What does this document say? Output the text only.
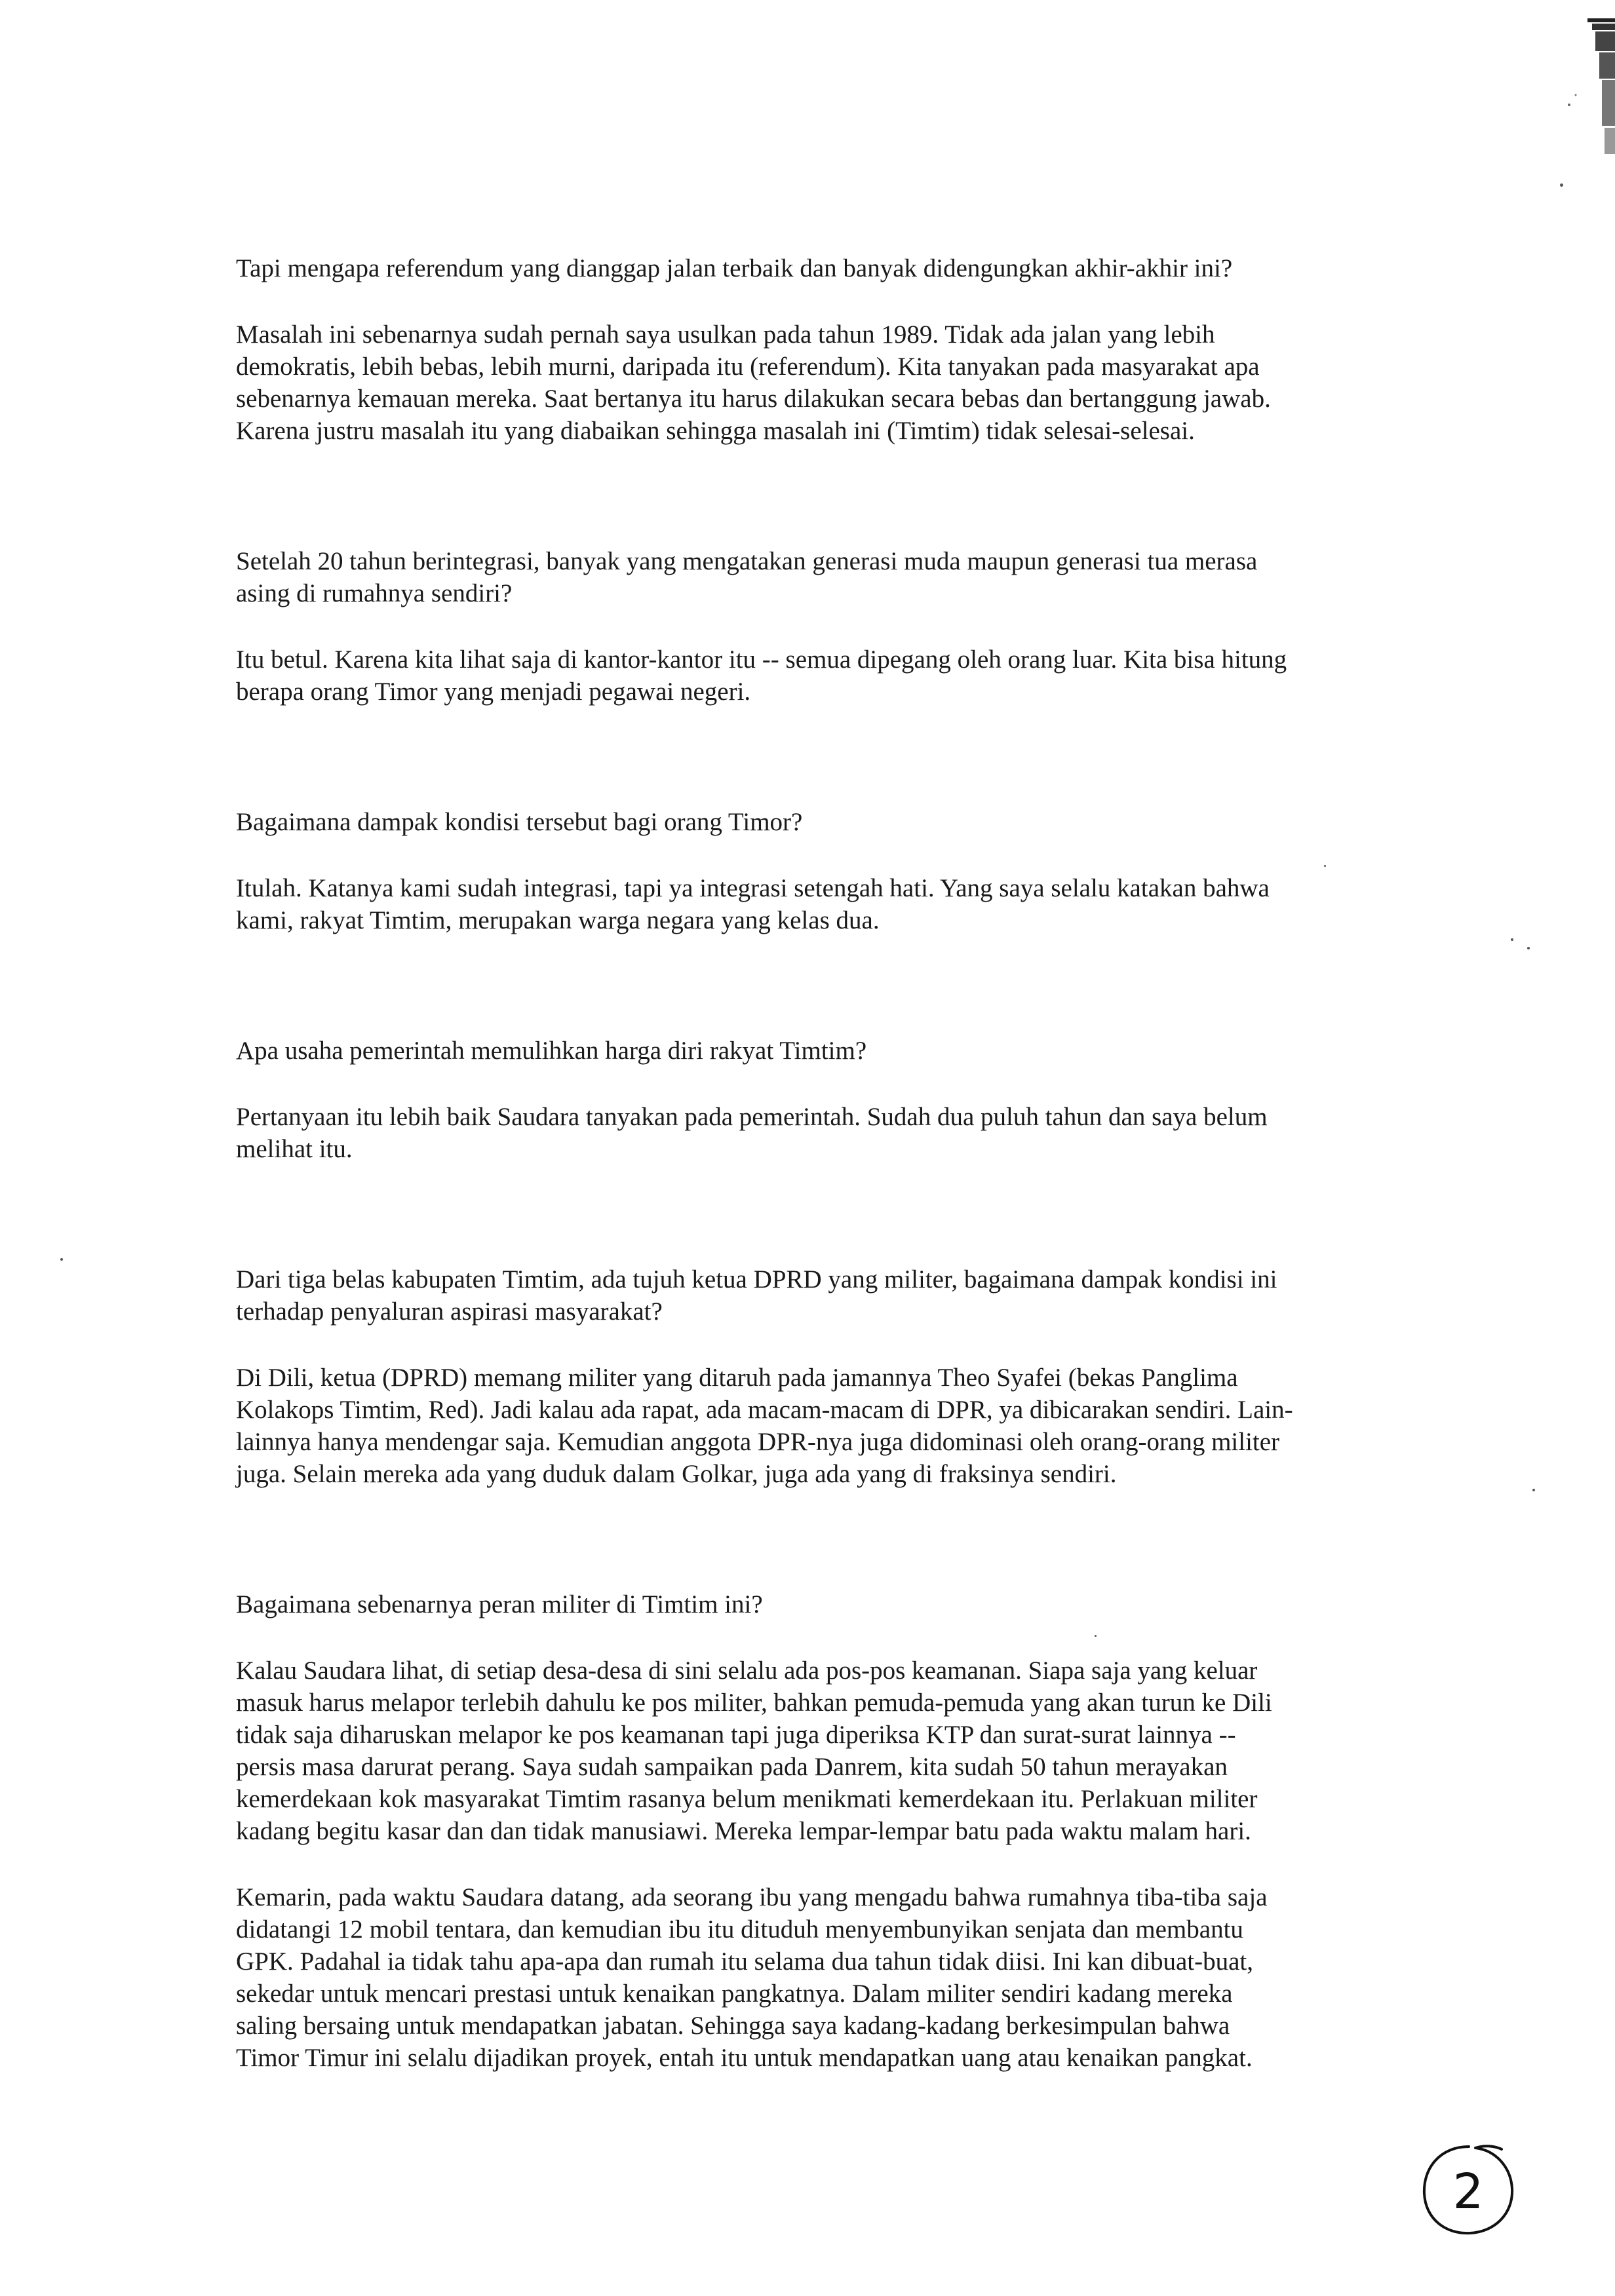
Tapi mengapa referendum yang dianggap jalan terbaik dan banyak didengungkan akhir-akhir ini?

Masalah ini sebenarnya sudah pernah saya usulkan pada tahun 1989. Tidak ada jalan yang lebih
demokratis, lebih bebas, lebih murni, daripada itu (referendum). Kita tanyakan pada masyarakat apa
sebenarnya kemauan mereka. Saat bertanya itu harus dilakukan secara bebas dan bertanggung jawab.
Karena justru masalah itu yang diabaikan sehingga masalah ini (Timtim) tidak selesai-selesai.

Setelah 20 tahun berintegrasi, banyak yang mengatakan generasi muda maupun generasi tua merasa
asing di rumahnya sendiri?

Itu betul. Karena kita lihat saja di kantor-kantor itu -- semua dipegang oleh orang luar. Kita bisa hitung
berapa orang Timor yang menjadi pegawai negeri.

Bagaimana dampak kondisi tersebut bagi orang Timor?

Itulah. Katanya kami sudah integrasi, tapi ya integrasi setengah hati. Yang saya selalu katakan bahwa
kami, rakyat Timtim, merupakan warga negara yang kelas dua.

Apa usaha pemerintah memulihkan harga diri rakyat Timtim?

Pertanyaan itu lebih baik Saudara tanyakan pada pemerintah. Sudah dua puluh tahun dan saya belum
melihat itu.

Dari tiga belas kabupaten Timtim, ada tujuh ketua DPRD yang militer, bagaimana dampak kondisi ini
terhadap penyaluran aspirasi masyarakat?

Di Dili, ketua (DPRD) memang militer yang ditaruh pada jamannya Theo Syafei (bekas Panglima
Kolakops Timtim, Red). Jadi kalau ada rapat, ada macam-macam di DPR, ya dibicarakan sendiri. Lain-
lainnya hanya mendengar saja. Kemudian anggota DPR-nya juga didominasi oleh orang-orang militer
juga. Selain mereka ada yang duduk dalam Golkar, juga ada yang di fraksinya sendiri.

Bagaimana sebenarnya peran militer di Timtim ini?

Kalau Saudara lihat, di setiap desa-desa di sini selalu ada pos-pos keamanan. Siapa saja yang keluar
masuk harus melapor terlebih dahulu ke pos militer, bahkan pemuda-pemuda yang akan turun ke Dili
tidak saja diharuskan melapor ke pos keamanan tapi juga diperiksa KTP dan surat-surat lainnya --
persis masa darurat perang. Saya sudah sampaikan pada Danrem, kita sudah 50 tahun merayakan
kemerdekaan kok masyarakat Timtim rasanya belum menikmati kemerdekaan itu. Perlakuan militer
kadang begitu kasar dan dan tidak manusiawi. Mereka lempar-lempar batu pada waktu malam hari.

Kemarin, pada waktu Saudara datang, ada seorang ibu yang mengadu bahwa rumahnya tiba-tiba saja
didatangi 12 mobil tentara, dan kemudian ibu itu dituduh menyembunyikan senjata dan membantu
GPK. Padahal ia tidak tahu apa-apa dan rumah itu selama dua tahun tidak diisi. Ini kan dibuat-buat,
sekedar untuk mencari prestasi untuk kenaikan pangkatnya. Dalam militer sendiri kadang mereka
saling bersaing untuk mendapatkan jabatan. Sehingga saya kadang-kadang berkesimpulan bahwa
Timor Timur ini selalu dijadikan proyek, entah itu untuk mendapatkan uang atau kenaikan pangkat.

2
